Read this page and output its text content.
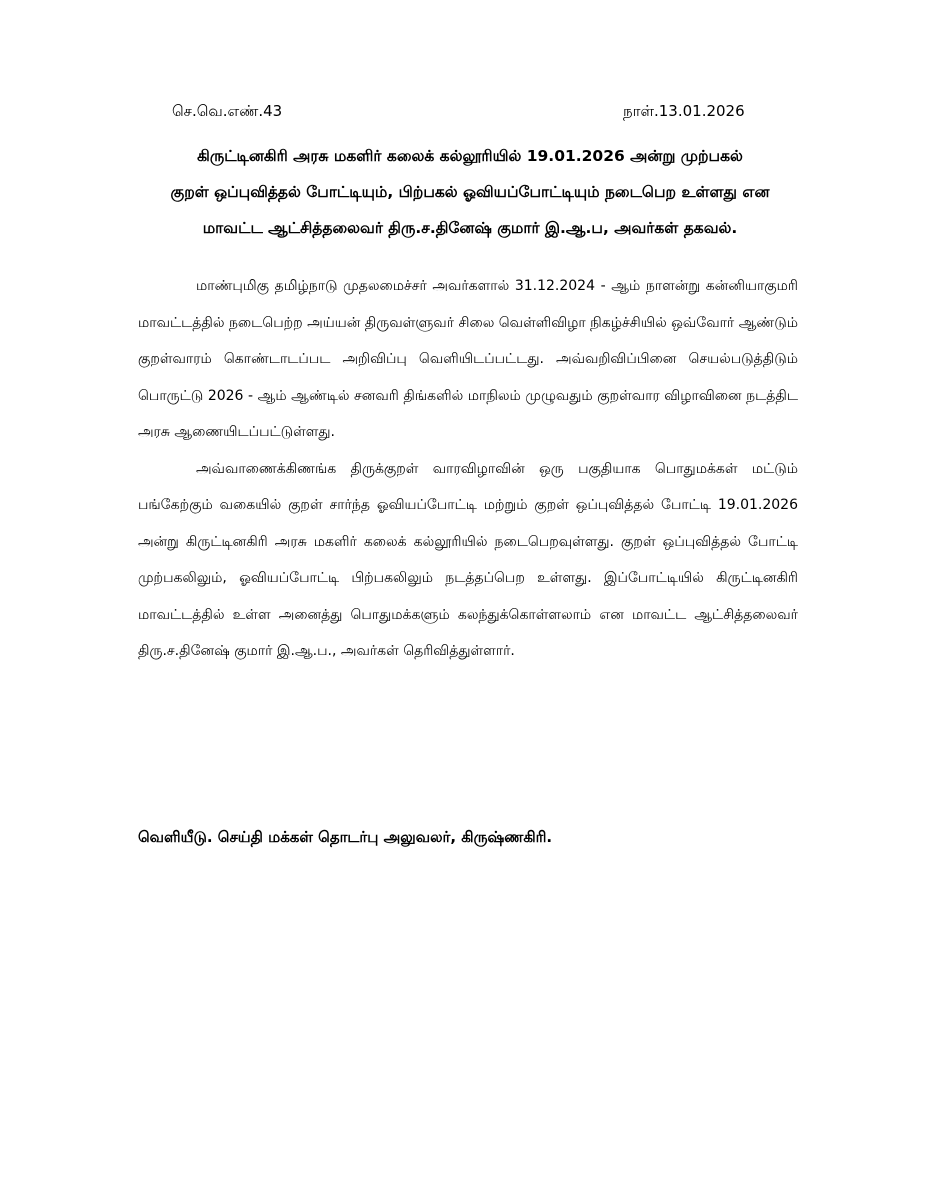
செ.வெ.எண்.43	நாள்.13.01.2026
கிருட்டினகிரி அரசு மகளிர் கலைக் கல்லூரியில் 19.01.2026 அன்று முற்பகல்
குறள் ஒப்புவித்தல் போட்டியும், பிற்பகல் ஓவியப்போட்டியும் நடைபெற உள்ளது என
மாவட்ட ஆட்சித்தலைவர் திரு.ச.தினேஷ் குமார் இ.ஆ.ப, அவர்கள் தகவல்.

மாண்புமிகு தமிழ்நாடு முதலமைச்சர் அவர்களால் 31.12.2024 - ஆம் நாளன்று கன்னியாகுமரி மாவட்டத்தில் நடைபெற்ற அய்யன் திருவள்ளுவர் சிலை வெள்ளிவிழா நிகழ்ச்சியில் ஒவ்வோர் ஆண்டும் குறள்வாரம் கொண்டாடப்பட அறிவிப்பு வெளியிடப்பட்டது. அவ்வறிவிப்பினை செயல்படுத்திடும் பொருட்டு 2026 - ஆம் ஆண்டில் சனவரி திங்களில் மாநிலம் முழுவதும் குறள்வார விழாவினை நடத்திட அரசு ஆணையிடப்பட்டுள்ளது.

அவ்வாணைக்கிணங்க திருக்குறள் வாரவிழாவின் ஒரு பகுதியாக பொதுமக்கள் மட்டும் பங்கேற்கும் வகையில் குறள் சார்ந்த ஓவியப்போட்டி மற்றும் குறள் ஒப்புவித்தல் போட்டி 19.01.2026 அன்று கிருட்டினகிரி அரசு மகளிர் கலைக் கல்லூரியில் நடைபெறவுள்ளது. குறள் ஒப்புவித்தல் போட்டி முற்பகலிலும், ஓவியப்போட்டி பிற்பகலிலும் நடத்தப்பெற உள்ளது. இப்போட்டியில் கிருட்டினகிரி மாவட்டத்தில் உள்ள அனைத்து பொதுமக்களும் கலந்துக்கொள்ளலாம் என மாவட்ட ஆட்சித்தலைவர் திரு.ச.தினேஷ் குமார் இ.ஆ.ப., அவர்கள் தெரிவித்துள்ளார்.

வெளியீடு. செய்தி மக்கள் தொடர்பு அலுவலர், கிருஷ்ணகிரி.
